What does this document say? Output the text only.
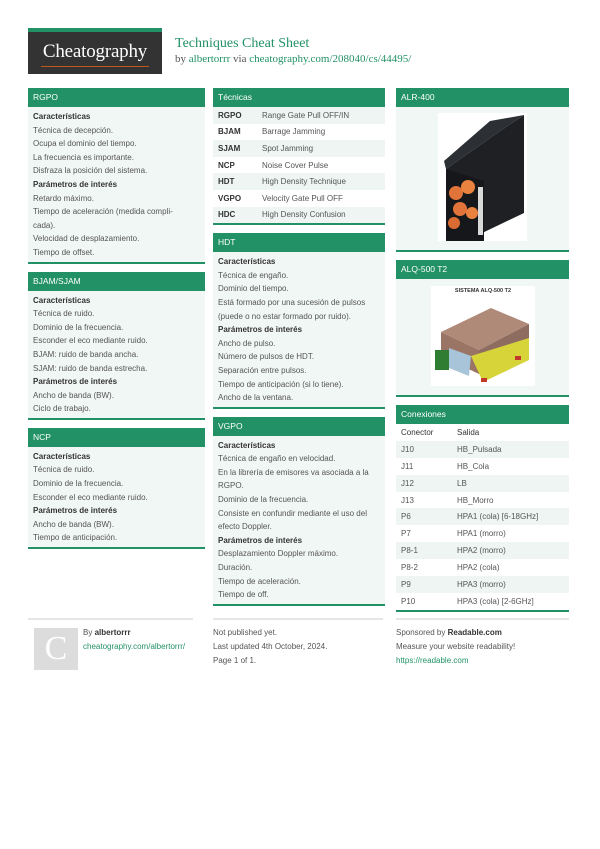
Cheatography	Techniques Cheat Sheet
by albertorrr via cheatography.com/208040/cs/44495/
RGPO
Características
Técnica de decepción.
Ocupa el dominio del tiempo.
La frecuencia es importante.
Disfraza la posición del sistema.
Parámetros de interés
Retardo máximo.
Tiempo de aceleración (medida compli-
cada).
Velocidad de desplazamiento.
Tiempo de offset.
BJAM/SJAM
Características
Técnica de ruido.
Dominio de la frecuencia.
Esconder el eco mediante ruido.
BJAM: ruido de banda ancha.
SJAM: ruido de banda estrecha.
Parámetros de interés
Ancho de banda (BW).
Ciclo de trabajo.
NCP
Características
Técnica de ruido.
Dominio de la frecuencia.
Esconder el eco mediante ruido.
Parámetros de interés
Ancho de banda (BW).
Tiempo de anticipación.
Técnicas
RGPO	Range Gate Pull OFF/IN
BJAM	Barrage Jamming
SJAM	Spot Jamming
NCP	Noise Cover Pulse
HDT	High Density Technique
VGPO	Velocity Gate Pull OFF
HDC	High Density Confusion
HDT
Características
Técnica de engaño.
Dominio del tiempo.
Está formado por una sucesión de pulsos
(puede o no estar formado por ruido).
Parámetros de interés
Ancho de pulso.
Número de pulsos de HDT.
Separación entre pulsos.
Tiempo de anticipación (si lo tiene).
Ancho de la ventana.
VGPO
Características
Técnica de engaño en velocidad.
En la librería de emisores va asociada a la
RGPO.
Dominio de la frecuencia.
Consiste en confundir mediante el uso del
efecto Doppler.
Parámetros de interés
Desplazamiento Doppler máximo.
Duración.
Tiempo de aceleración.
Tiempo de off.
ALR-400
ALQ-500 T2
SISTEMA ALQ-500 T2
Conexiones
Conector	Salida
J10	HB_Pulsada
J11	HB_Cola
J12	LB
J13	HB_Morro
P6	HPA1 (cola) [6-18GHz]
P7	HPA1 (morro)
P8-1	HPA2 (morro)
P8-2	HPA2 (cola)
P9	HPA3 (morro)
P10	HPA3 (cola) [2-6GHz]
C	By albertorrr
cheatography.com/albertorrr/
Not published yet.
Last updated 4th October, 2024.
Page 1 of 1.
Sponsored by Readable.com
Measure your website readability!
https://readable.com
